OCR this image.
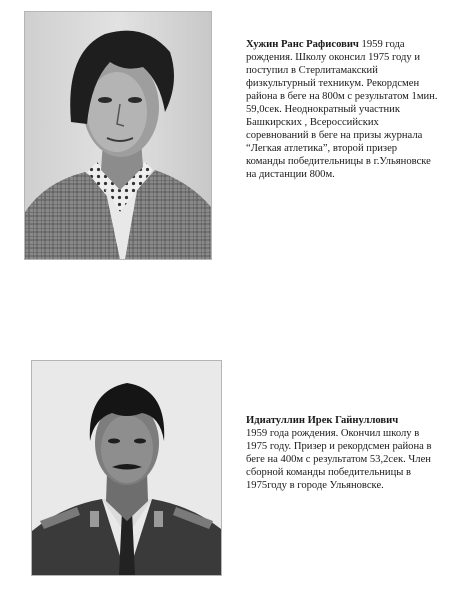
Хужин Ранс Рафисович 1959 года рождения. Школу оконсил 1975 году и поступил в Стерлитамакский физкультурный техникум. Рекордсмен района в беге на 800м с результатом 1мин. 59,0сек. Неоднократный участник Башкирских , Всероссийских соревнований в беге на призы журнала “Легкая атлетика”, второй призер команды победительницы в г.Ульяновске на дистанции 800м.
Идиатуллин Ирек Гайнуллович
1959 года рождения. Окончил школу в 1975 году. Призер и рекордсмен района в беге на 400м с результатом 53,2сек. Член сборной команды победительницы в 1975году в городе Ульяновске.
